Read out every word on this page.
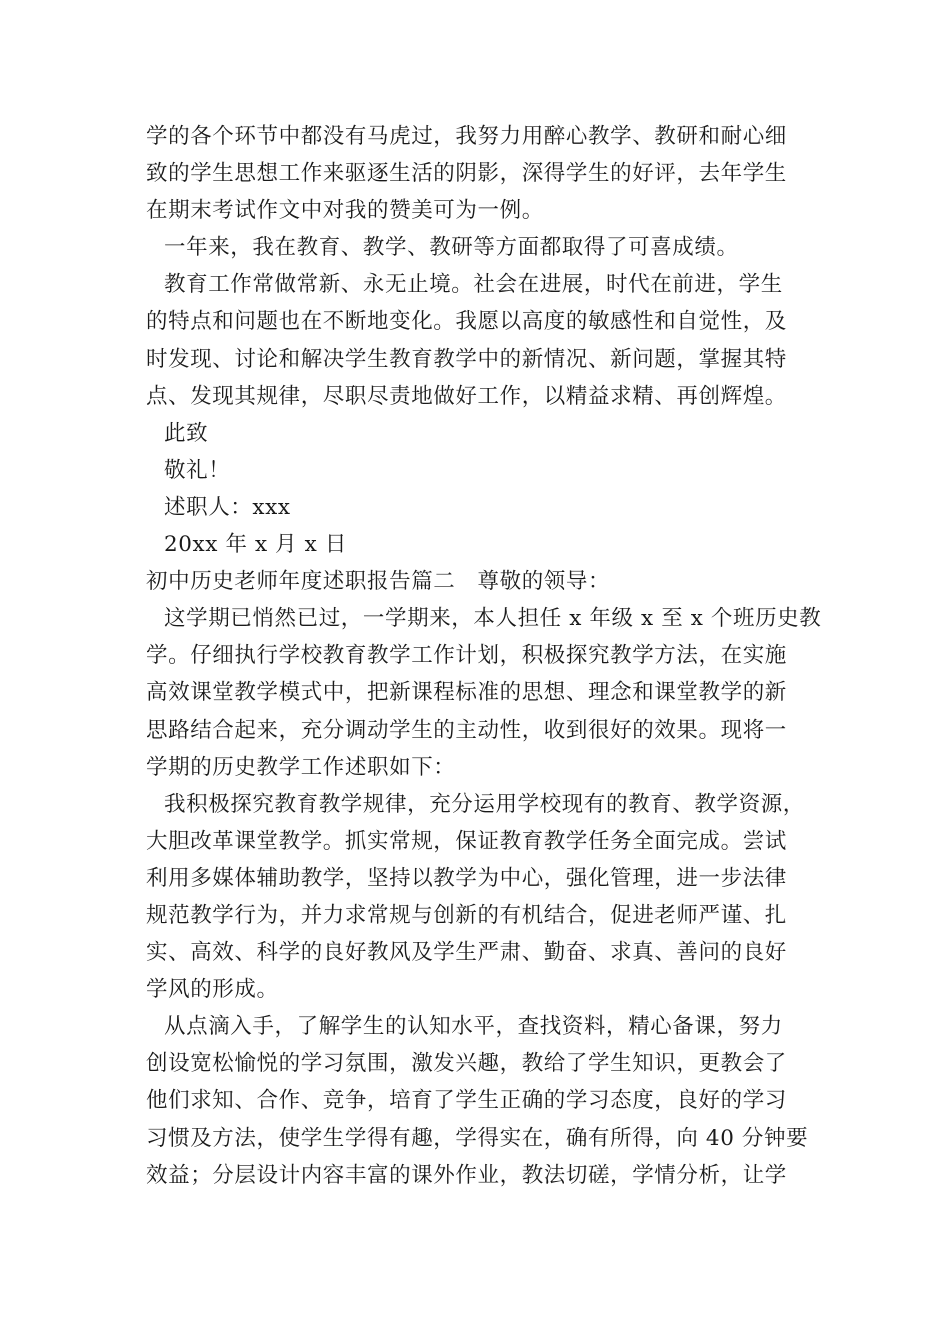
学的各个环节中都没有马虎过，我努力用醉心教学、教研和耐心细
致的学生思想工作来驱逐生活的阴影，深得学生的好评，去年学生
在期末考试作文中对我的赞美可为一例。
一年来，我在教育、教学、教研等方面都取得了可喜成绩。
教育工作常做常新、永无止境。社会在进展，时代在前进，学生
的特点和问题也在不断地变化。我愿以高度的敏感性和自觉性，及
时发现、讨论和解决学生教育教学中的新情况、新问题，掌握其特
点、发现其规律，尽职尽责地做好工作，以精益求精、再创辉煌。
此致
敬礼！
述职人：xxx
20xx 年 x 月 x 日
初中历史老师年度述职报告篇二　尊敬的领导：
这学期已悄然已过，一学期来，本人担任 x 年级 x 至 x 个班历史教
学。仔细执行学校教育教学工作计划，积极探究教学方法，在实施
高效课堂教学模式中，把新课程标准的思想、理念和课堂教学的新
思路结合起来，充分调动学生的主动性，收到很好的效果。现将一
学期的历史教学工作述职如下：
我积极探究教育教学规律，充分运用学校现有的教育、教学资源，
大胆改革课堂教学。抓实常规，保证教育教学任务全面完成。尝试
利用多媒体辅助教学，坚持以教学为中心，强化管理，进一步法律
规范教学行为，并力求常规与创新的有机结合，促进老师严谨、扎
实、高效、科学的良好教风及学生严肃、勤奋、求真、善问的良好
学风的形成。
从点滴入手，了解学生的认知水平，查找资料，精心备课，努力
创设宽松愉悦的学习氛围，激发兴趣，教给了学生知识，更教会了
他们求知、合作、竞争，培育了学生正确的学习态度，良好的学习
习惯及方法，使学生学得有趣，学得实在，确有所得，向 40 分钟要
效益；分层设计内容丰富的课外作业，教法切磋，学情分析，让学
